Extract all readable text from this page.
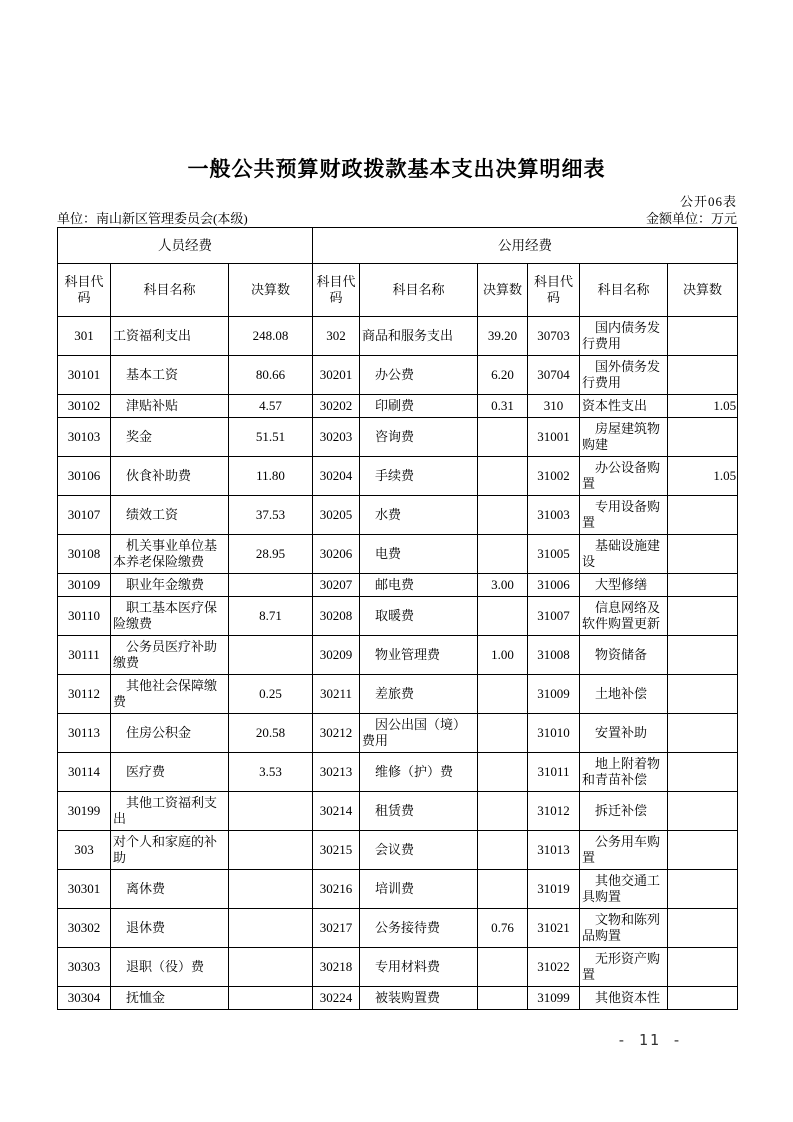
一般公共预算财政拨款基本支出决算明细表
公开06表
单位：南山新区管理委员会(本级)	金额单位：万元
人员经费			公用经费					
科目代码	科目名称	决算数	科目代码	科目名称	决算数	科目代码	科目名称	决算数
301	工资福利支出	248.08	302	商品和服务支出	39.20	30703	国内债务发行费用	
30101	基本工资	80.66	30201	办公费	6.20	30704	国外债务发行费用	
30102	津贴补贴	4.57	30202	印刷费	0.31	310	资本性支出	1.05
30103	奖金	51.51	30203	咨询费		31001	房屋建筑物购建	
30106	伙食补助费	11.80	30204	手续费		31002	办公设备购置	1.05
30107	绩效工资	37.53	30205	水费		31003	专用设备购置	
30108	机关事业单位基本养老保险缴费	28.95	30206	电费		31005	基础设施建设	
30109	职业年金缴费		30207	邮电费	3.00	31006	大型修缮	
30110	职工基本医疗保险缴费	8.71	30208	取暖费		31007	信息网络及软件购置更新	
30111	公务员医疗补助缴费		30209	物业管理费	1.00	31008	物资储备	
30112	其他社会保障缴费	0.25	30211	差旅费		31009	土地补偿	
30113	住房公积金	20.58	30212	因公出国（境）费用		31010	安置补助	
30114	医疗费	3.53	30213	维修（护）费		31011	地上附着物和青苗补偿	
30199	其他工资福利支出		30214	租赁费		31012	拆迁补偿	
303	对个人和家庭的补助		30215	会议费		31013	公务用车购置	
30301	离休费		30216	培训费		31019	其他交通工具购置	
30302	退休费		30217	公务接待费	0.76	31021	文物和陈列品购置	
30303	退职（役）费		30218	专用材料费		31022	无形资产购置	
30304	抚恤金		30224	被装购置费		31099	其他资本性	
- 11 -
